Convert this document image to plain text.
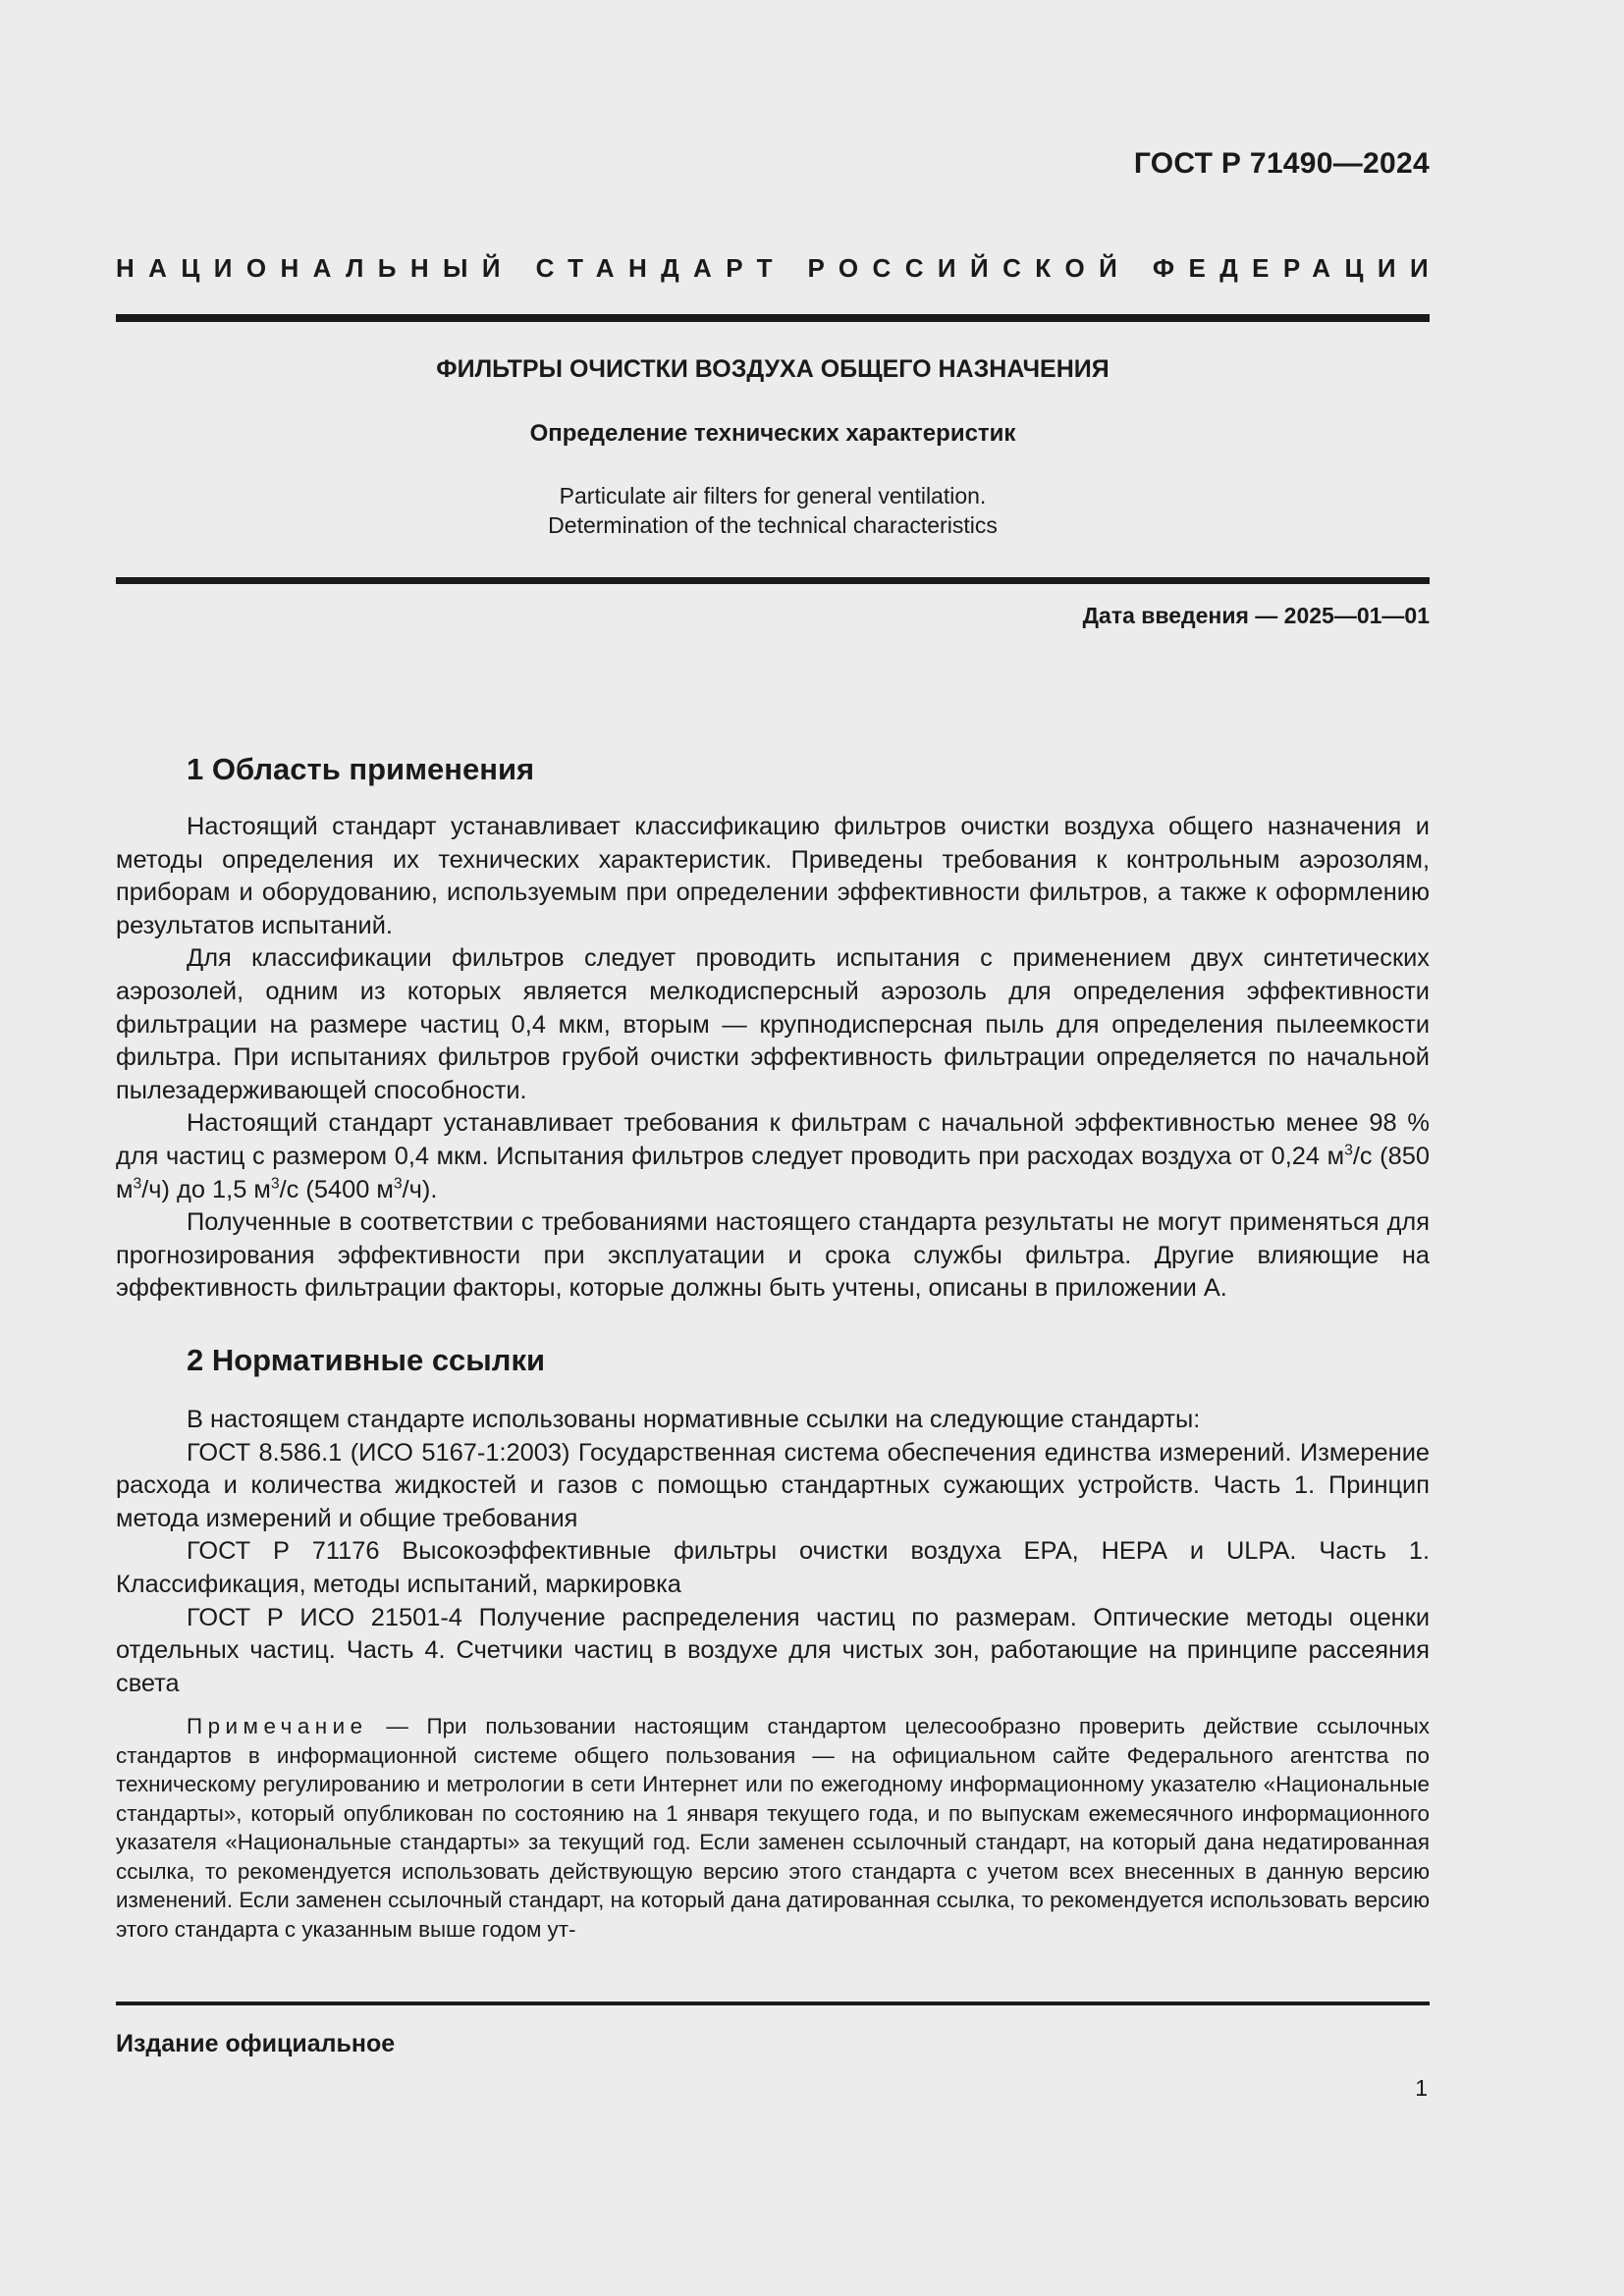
ГОСТ Р 71490—2024
НАЦИОНАЛЬНЫЙ СТАНДАРТ РОССИЙСКОЙ ФЕДЕРАЦИИ
ФИЛЬТРЫ ОЧИСТКИ ВОЗДУХА ОБЩЕГО НАЗНАЧЕНИЯ
Определение технических характеристик
Particulate air filters for general ventilation.
Determination of the technical characteristics
Дата введения — 2025—01—01
1 Область применения

Настоящий стандарт устанавливает классификацию фильтров очистки воздуха общего назначения и методы определения их технических характеристик. Приведены требования к контрольным аэрозолям, приборам и оборудованию, используемым при определении эффективности фильтров, а также к оформлению результатов испытаний.

Для классификации фильтров следует проводить испытания с применением двух синтетических аэрозолей, одним из которых является мелкодисперсный аэрозоль для определения эффективности фильтрации на размере частиц 0,4 мкм, вторым — крупнодисперсная пыль для определения пылеемкости фильтра. При испытаниях фильтров грубой очистки эффективность фильтрации определяется по начальной пылезадерживающей способности.

Настоящий стандарт устанавливает требования к фильтрам с начальной эффективностью менее 98 % для частиц с размером 0,4 мкм. Испытания фильтров следует проводить при расходах воздуха от 0,24 $м^3/с$ (850 $м^3/ч$) до 1,5 $м^3/с$ (5400 $м^3/ч$).

Полученные в соответствии с требованиями настоящего стандарта результаты не могут применяться для прогнозирования эффективности при эксплуатации и срока службы фильтра. Другие влияющие на эффективность фильтрации факторы, которые должны быть учтены, описаны в приложении А.

2 Нормативные ссылки

В настоящем стандарте использованы нормативные ссылки на следующие стандарты:

ГОСТ 8.586.1 (ИСО 5167-1:2003) Государственная система обеспечения единства измерений. Измерение расхода и количества жидкостей и газов с помощью стандартных сужающих устройств. Часть 1. Принцип метода измерений и общие требования

ГОСТ Р 71176 Высокоэффективные фильтры очистки воздуха ЕРА, НЕРА и ULPA. Часть 1. Классификация, методы испытаний, маркировка

ГОСТ Р ИСО 21501-4 Получение распределения частиц по размерам. Оптические методы оценки отдельных частиц. Часть 4. Счетчики частиц в воздухе для чистых зон, работающие на принципе рассеяния света

Примечание — При пользовании настоящим стандартом целесообразно проверить действие ссылочных стандартов в информационной системе общего пользования — на официальном сайте Федерального агентства по техническому регулированию и метрологии в сети Интернет или по ежегодному информационному указателю «Национальные стандарты», который опубликован по состоянию на 1 января текущего года, и по выпускам ежемесячного информационного указателя «Национальные стандарты» за текущий год. Если заменен ссылочный стандарт, на который дана недатированная ссылка, то рекомендуется использовать действующую версию этого стандарта с учетом всех внесенных в данную версию изменений. Если заменен ссылочный стандарт, на который дана датированная ссылка, то рекомендуется использовать версию этого стандарта с указанным выше годом ут-
Издание официальное
1
